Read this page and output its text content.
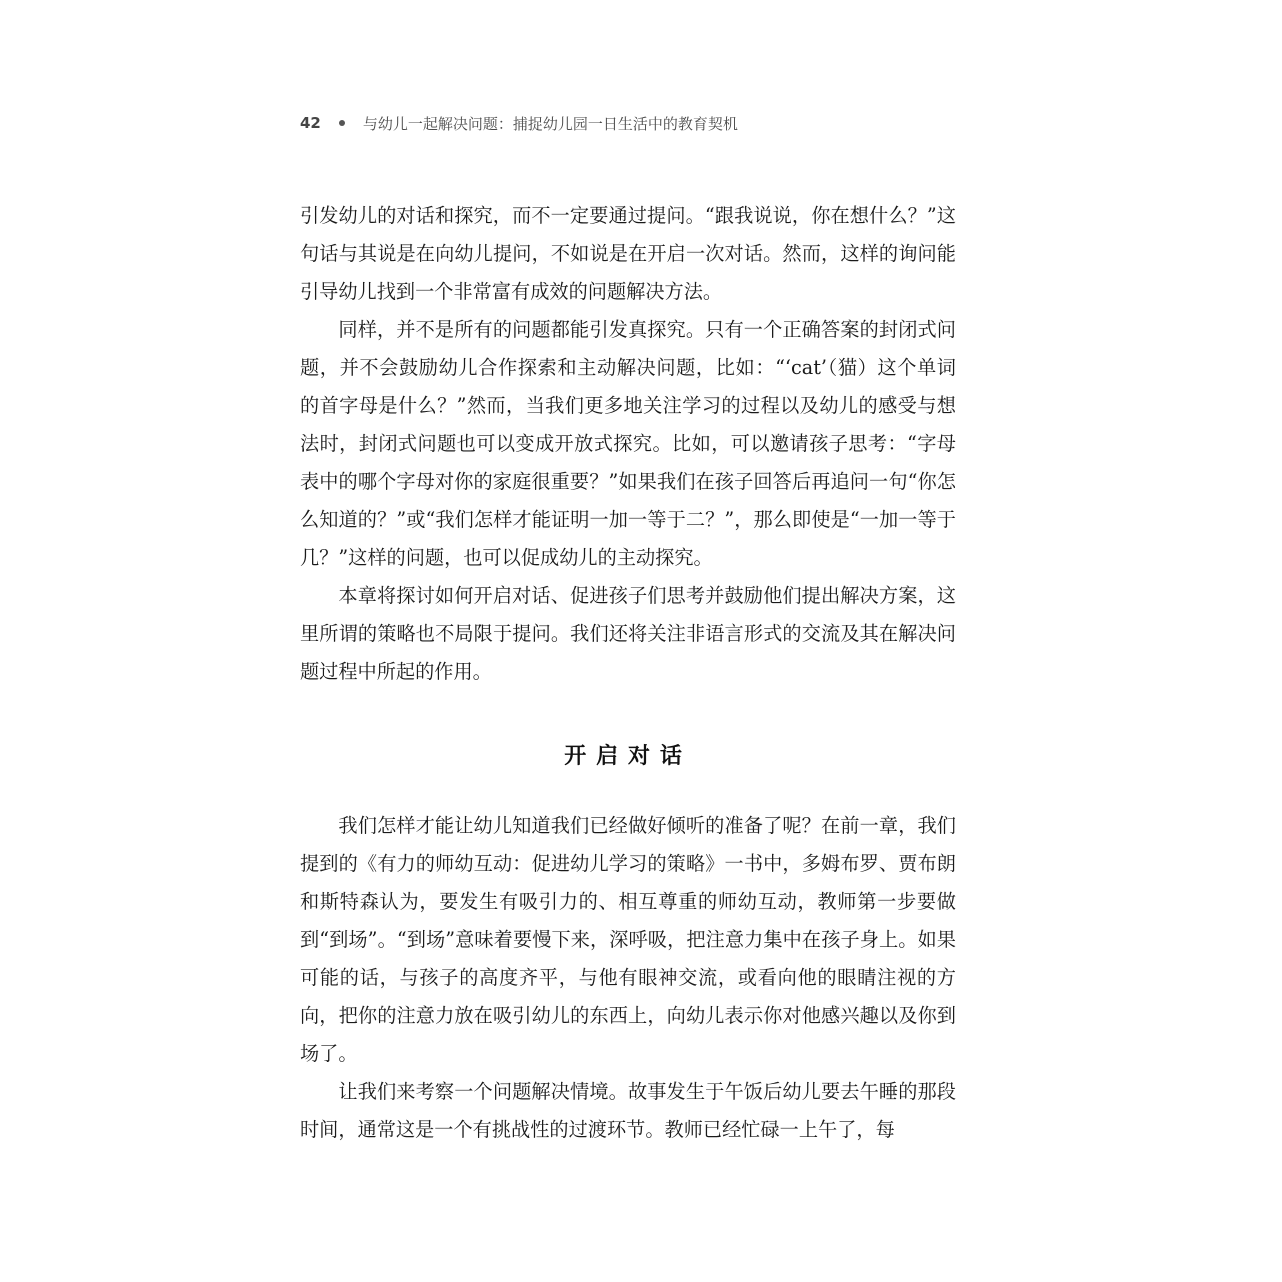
42	与幼儿一起解决问题：捕捉幼儿园一日生活中的教育契机

引发幼儿的对话和探究，而不一定要通过提问。“跟我说说，你在想什么？”这句话与其说是在向幼儿提问，不如说是在开启一次对话。然而，这样的询问能引导幼儿找到一个非常富有成效的问题解决方法。

同样，并不是所有的问题都能引发真探究。只有一个正确答案的封闭式问题，并不会鼓励幼儿合作探索和主动解决问题，比如：“‘cat’（猫）这个单词的首字母是什么？”然而，当我们更多地关注学习的过程以及幼儿的感受与想法时，封闭式问题也可以变成开放式探究。比如，可以邀请孩子思考：“字母表中的哪个字母对你的家庭很重要？”如果我们在孩子回答后再追问一句“你怎么知道的？”或“我们怎样才能证明一加一等于二？”，那么即使是“一加一等于几？”这样的问题，也可以促成幼儿的主动探究。

本章将探讨如何开启对话、促进孩子们思考并鼓励他们提出解决方案，这里所谓的策略也不局限于提问。我们还将关注非语言形式的交流及其在解决问题过程中所起的作用。

开启对话

我们怎样才能让幼儿知道我们已经做好倾听的准备了呢？在前一章，我们提到的《有力的师幼互动：促进幼儿学习的策略》一书中，多姆布罗、贾布朗和斯特森认为，要发生有吸引力的、相互尊重的师幼互动，教师第一步要做到“到场”。“到场”意味着要慢下来，深呼吸，把注意力集中在孩子身上。如果可能的话，与孩子的高度齐平，与他有眼神交流，或看向他的眼睛注视的方向，把你的注意力放在吸引幼儿的东西上，向幼儿表示你对他感兴趣以及你到场了。

让我们来考察一个问题解决情境。故事发生于午饭后幼儿要去午睡的那段时间，通常这是一个有挑战性的过渡环节。教师已经忙碌一上午了，每
